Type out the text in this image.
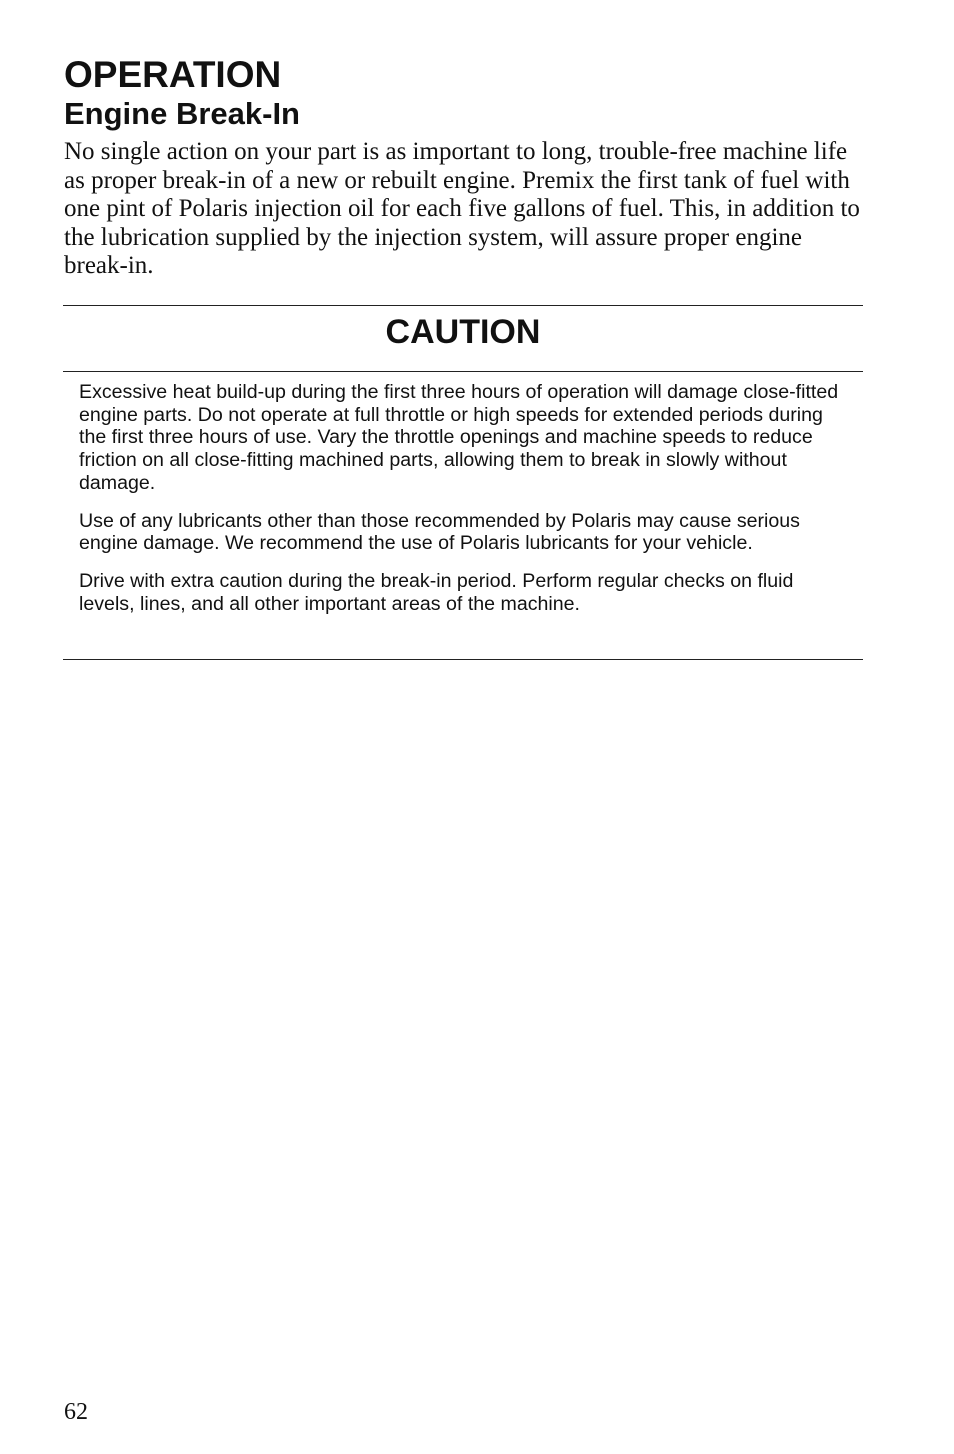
OPERATION
Engine Break-In

No single action on your part is as important to long, trouble-free machine life as proper break-in of a new or rebuilt engine. Premix the first tank of fuel with one pint of Polaris injection oil for each five gallons of fuel. This, in addition to the lubrication supplied by the injection system, will assure proper engine break-in.

CAUTION

Excessive heat build-up during the first three hours of operation will damage close-fitted engine parts. Do not operate at full throttle or high speeds for extended periods during the first three hours of use. Vary the throttle openings and machine speeds to reduce friction on all close-fitting machined parts, allowing them to break in slowly without damage.

Use of any lubricants other than those recommended by Polaris may cause serious engine damage. We recommend the use of Polaris lubricants for your vehicle.

Drive with extra caution during the break-in period. Perform regular checks on fluid levels, lines, and all other important areas of the machine.

62
